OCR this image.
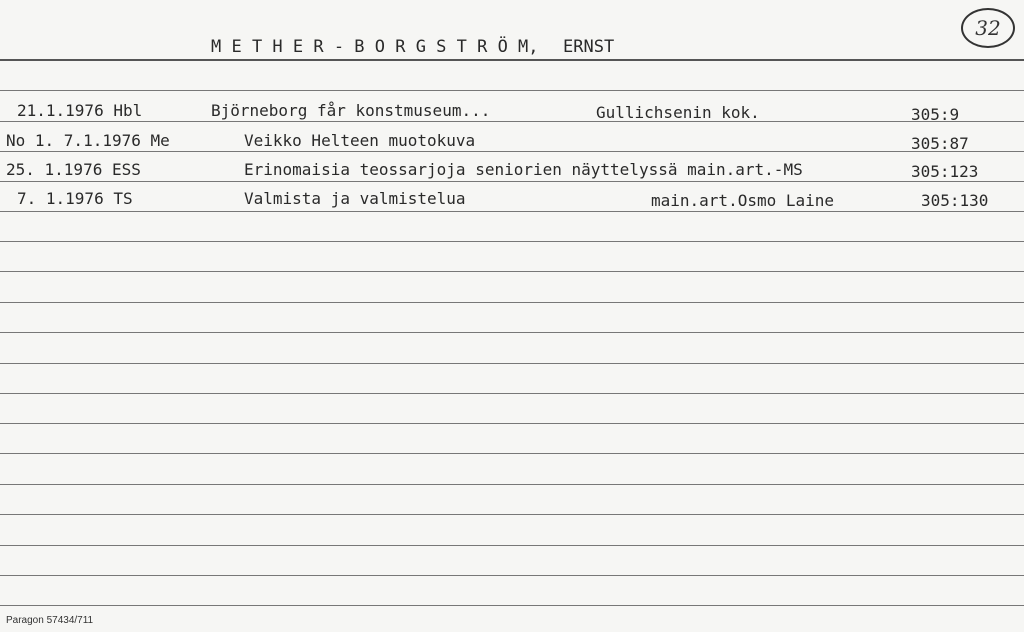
32
M E T H E R - B O R G S T R Ö M, ERNST
21.1.1976 Hbl	Björneborg får konstmuseum...	Gullichsenin kok.	305:9
No 1. 7.1.1976 Me	Veikko Helteen muotokuva	305:87
25. 1.1976 ESS	Erinomaisia teossarjoja seniorien näyttelyssä main.art.-MS	305:123
7. 1.1976 TS	Valmista ja valmistelua	main.art.Osmo Laine	305:130
Paragon 57434/711
